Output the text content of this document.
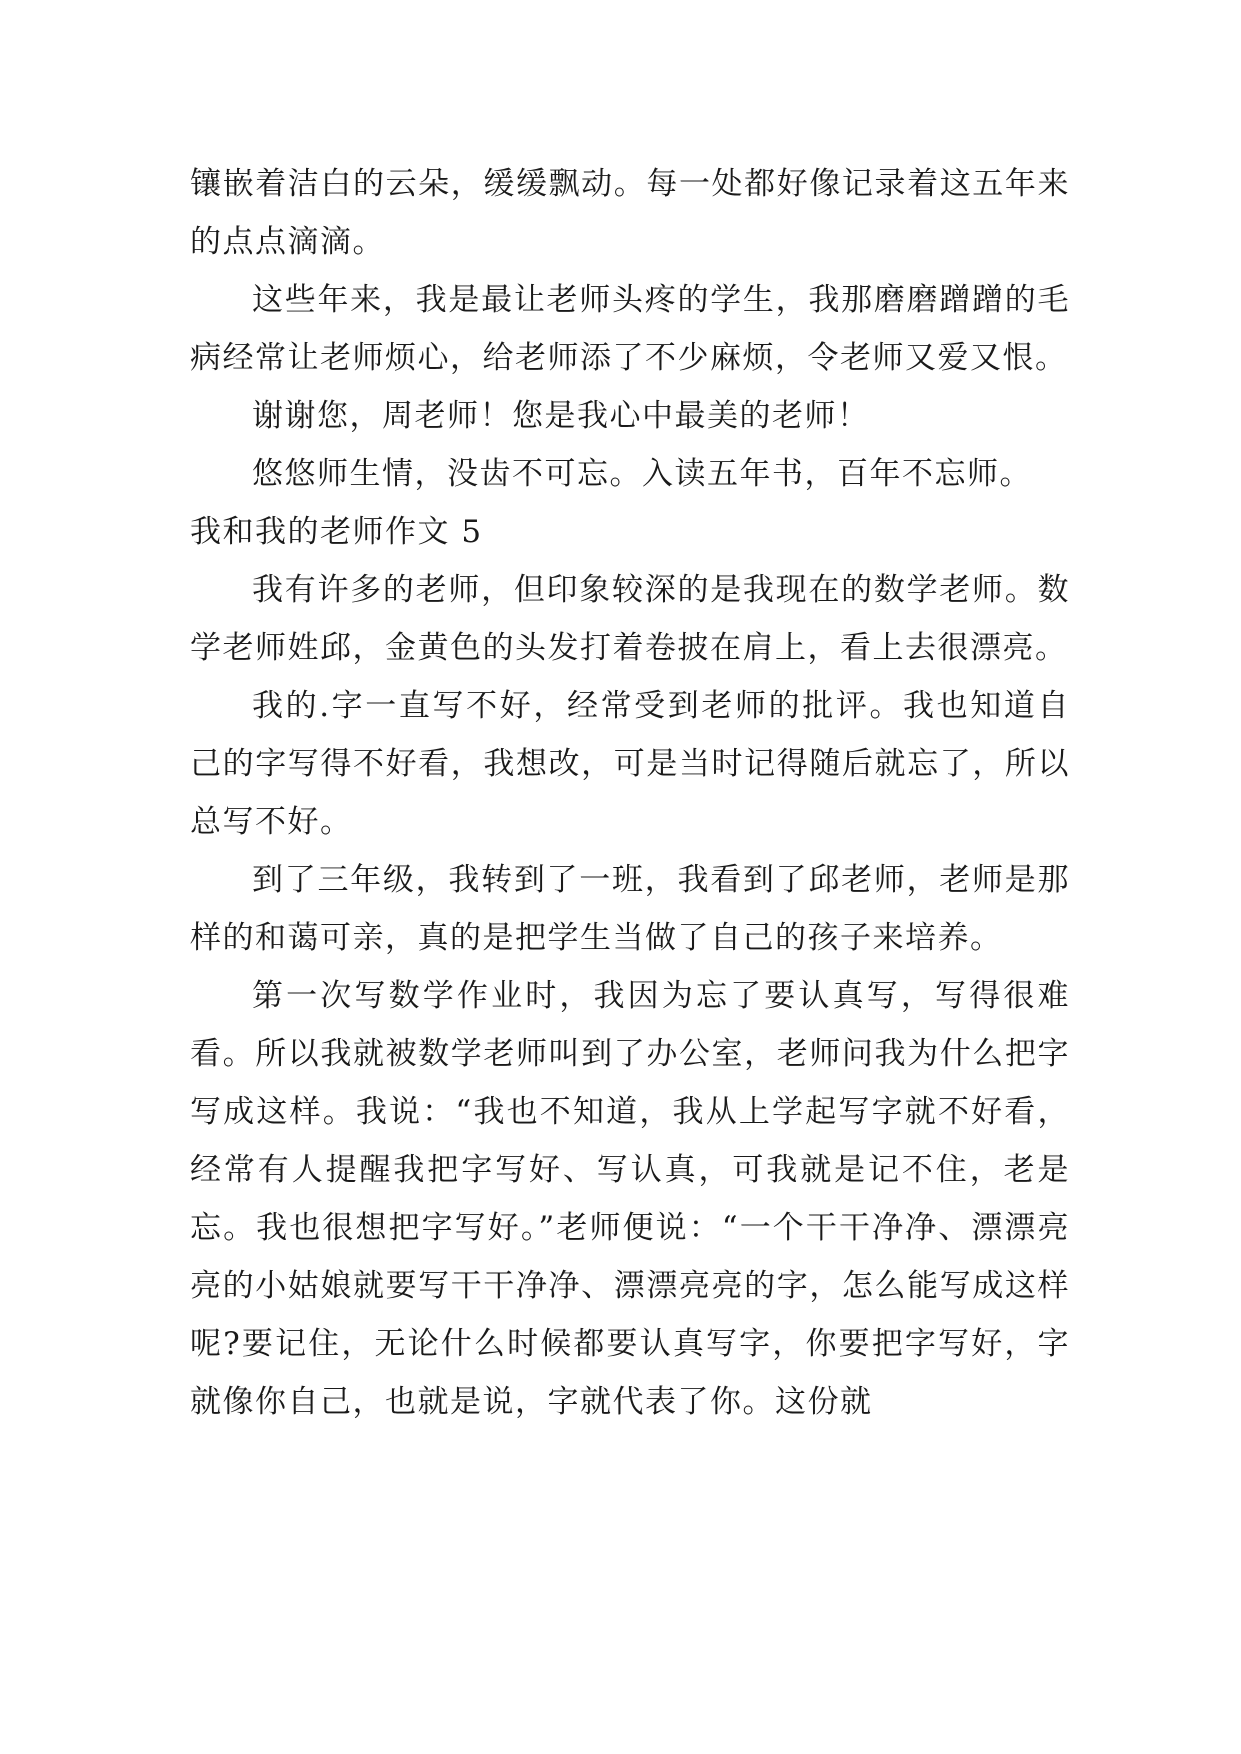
镶嵌着洁白的云朵，缓缓飘动。每一处都好像记录着这五年来的点点滴滴。

这些年来，我是最让老师头疼的学生，我那磨磨蹭蹭的毛病经常让老师烦心，给老师添了不少麻烦，令老师又爱又恨。

谢谢您，周老师！您是我心中最美的老师！

悠悠师生情，没齿不可忘。入读五年书，百年不忘师。

我和我的老师作文 5

我有许多的老师，但印象较深的是我现在的数学老师。数学老师姓邱，金黄色的头发打着卷披在肩上，看上去很漂亮。

我的.字一直写不好，经常受到老师的批评。我也知道自己的字写得不好看，我想改，可是当时记得随后就忘了，所以总写不好。

到了三年级，我转到了一班，我看到了邱老师，老师是那样的和蔼可亲，真的是把学生当做了自己的孩子来培养。

第一次写数学作业时，我因为忘了要认真写，写得很难看。所以我就被数学老师叫到了办公室，老师问我为什么把字写成这样。我说：“我也不知道，我从上学起写字就不好看，经常有人提醒我把字写好、写认真，可我就是记不住，老是忘。我也很想把字写好。”老师便说：“一个干干净净、漂漂亮亮的小姑娘就要写干干净净、漂漂亮亮的字，怎么能写成这样呢?要记住，无论什么时候都要认真写字，你要把字写好，字就像你自己，也就是说，字就代表了你。这份就
